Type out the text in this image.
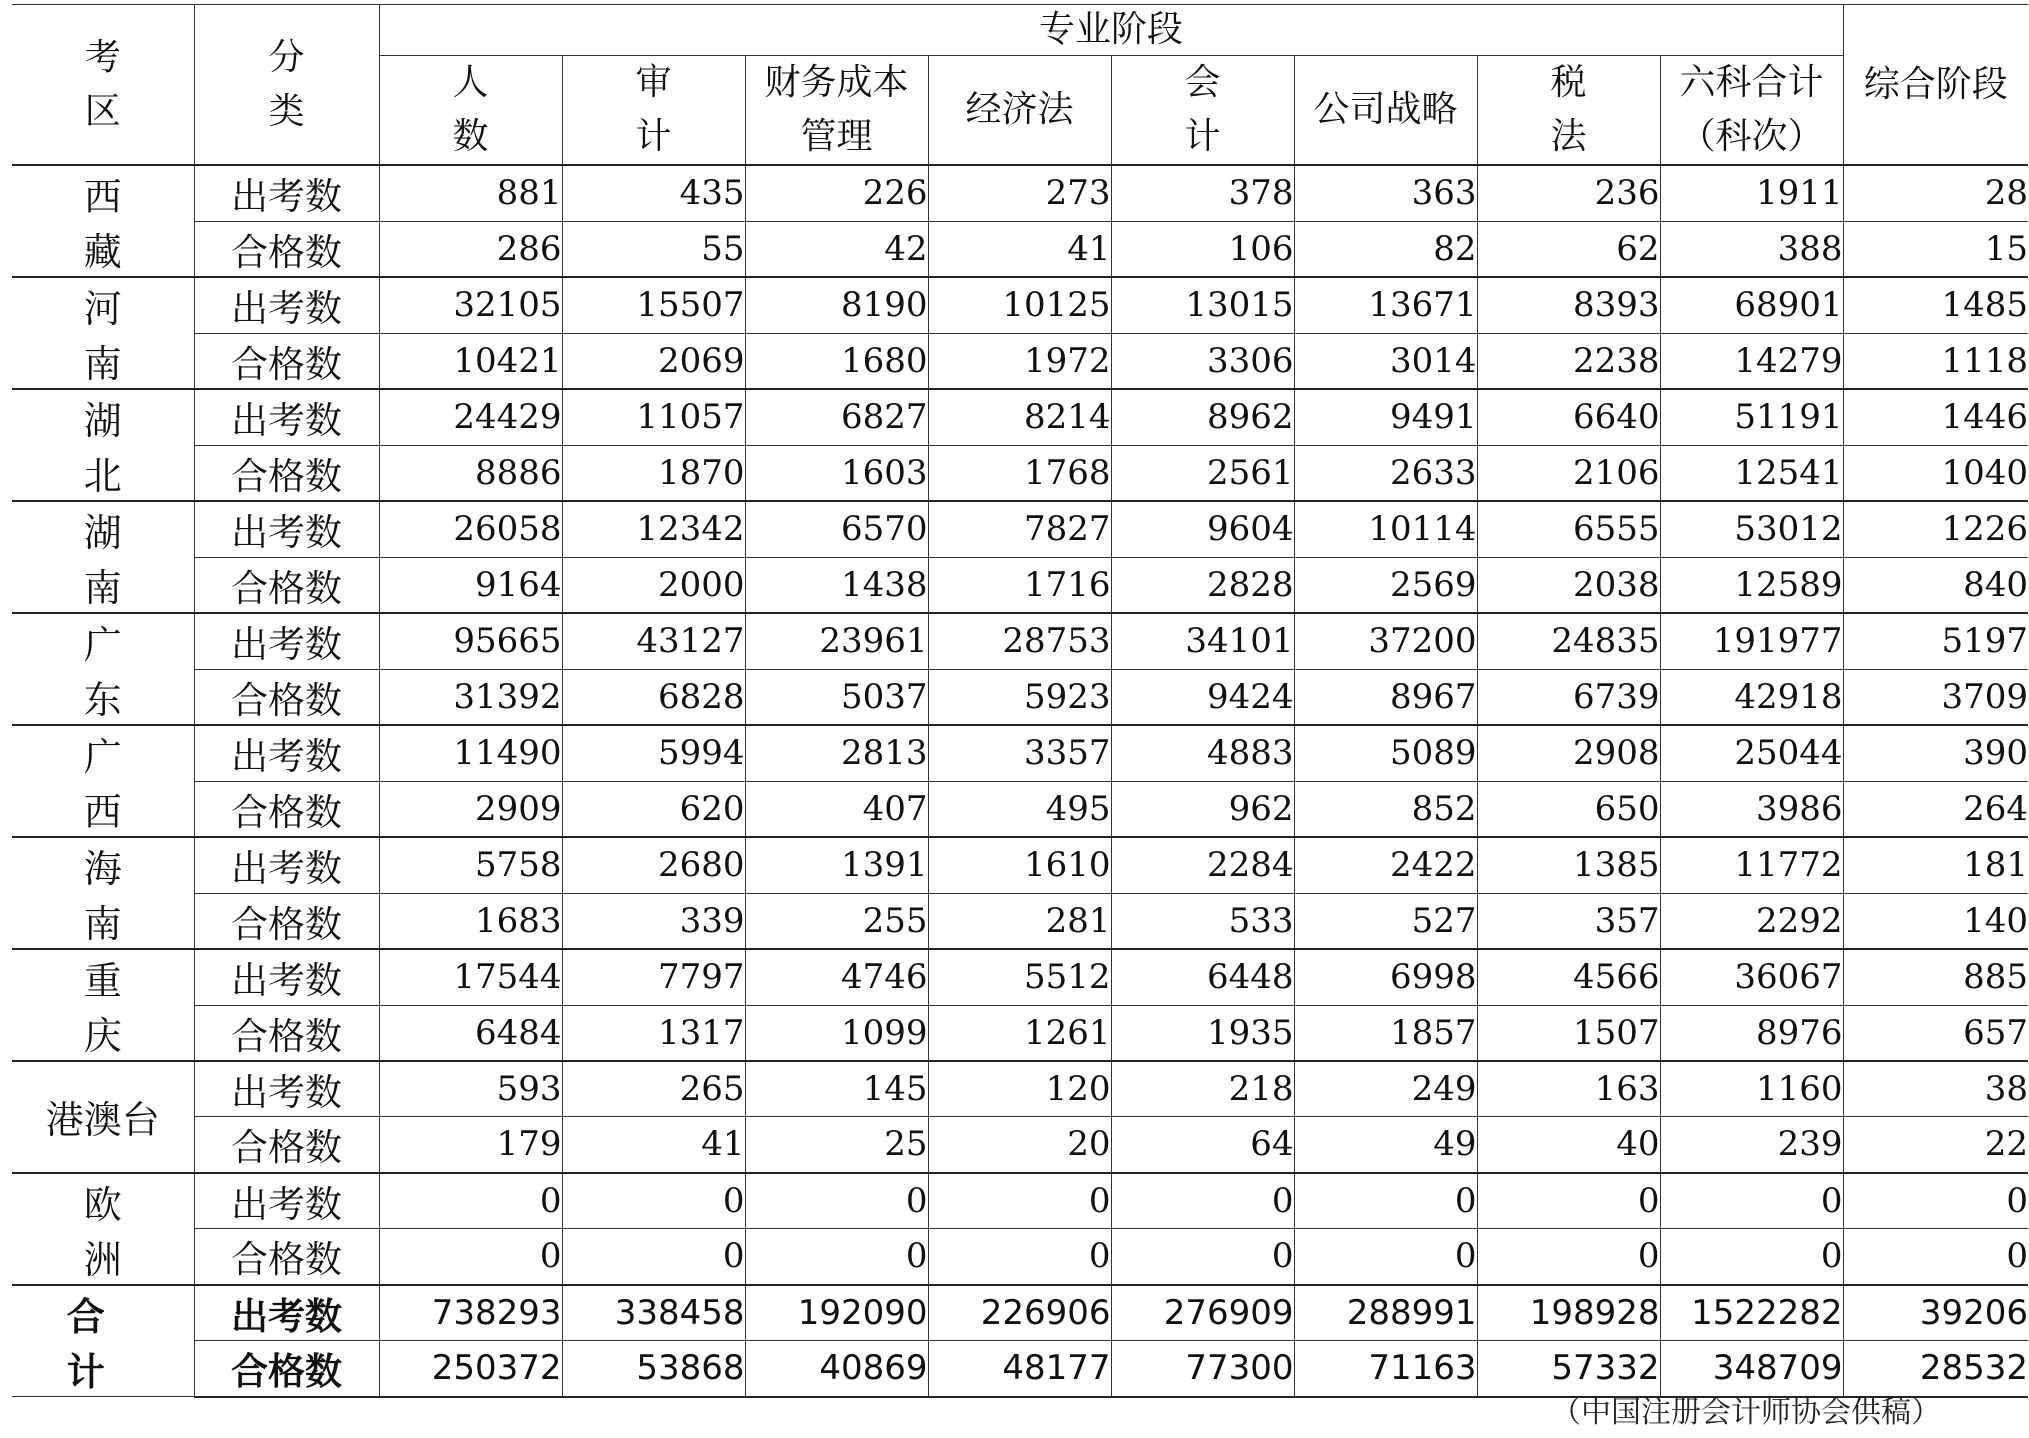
考 区	分 类	专业阶段								综合阶段
		人 数	审 计	财务成本管理	经济法	会 计	公司战略	税 法	六科合计（科次）	
西 藏	出考数	881	435	226	273	378	363	236	1911	28
	合格数	286	55	42	41	106	82	62	388	15
河 南	出考数	32105	15507	8190	10125	13015	13671	8393	68901	1485
	合格数	10421	2069	1680	1972	3306	3014	2238	14279	1118
湖 北	出考数	24429	11057	6827	8214	8962	9491	6640	51191	1446
	合格数	8886	1870	1603	1768	2561	2633	2106	12541	1040
湖 南	出考数	26058	12342	6570	7827	9604	10114	6555	53012	1226
	合格数	9164	2000	1438	1716	2828	2569	2038	12589	840
广 东	出考数	95665	43127	23961	28753	34101	37200	24835	191977	5197
	合格数	31392	6828	5037	5923	9424	8967	6739	42918	3709
广 西	出考数	11490	5994	2813	3357	4883	5089	2908	25044	390
	合格数	2909	620	407	495	962	852	650	3986	264
海 南	出考数	5758	2680	1391	1610	2284	2422	1385	11772	181
	合格数	1683	339	255	281	533	527	357	2292	140
重 庆	出考数	17544	7797	4746	5512	6448	6998	4566	36067	885
	合格数	6484	1317	1099	1261	1935	1857	1507	8976	657
港澳台	出考数	593	265	145	120	218	249	163	1160	38
	合格数	179	41	25	20	64	49	40	239	22
欧 洲	出考数	0	0	0	0	0	0	0	0	0
	合格数	0	0	0	0	0	0	0	0	0
合 计	出考数	738293	338458	192090	226906	276909	288991	198928	1522282	39206
	合格数	250372	53868	40869	48177	77300	71163	57332	348709	28532
（中国注册会计师协会供稿）
